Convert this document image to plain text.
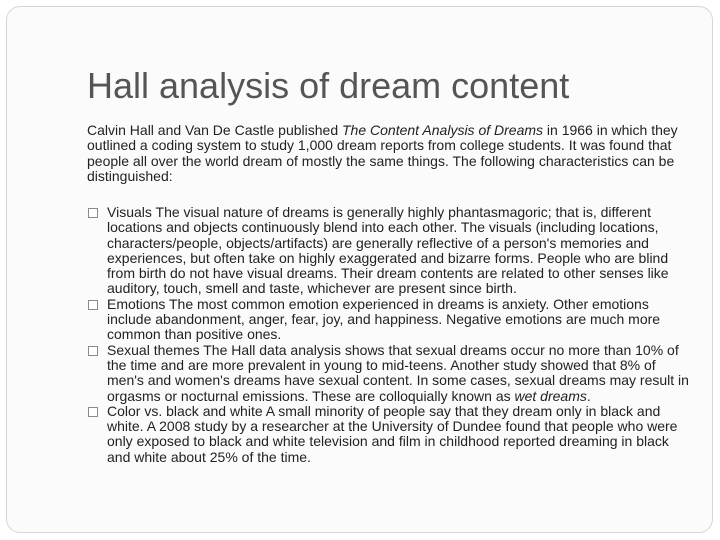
Hall analysis of dream content

Calvin Hall and Van De Castle published The Content Analysis of Dreams in 1966 in which they outlined a coding system to study 1,000 dream reports from college students. It was found that people all over the world dream of mostly the same things. The following characteristics can be distinguished:

Visuals The visual nature of dreams is generally highly phantasmagoric; that is, different locations and objects continuously blend into each other. The visuals (including locations, characters/people, objects/artifacts) are generally reflective of a person's memories and experiences, but often take on highly exaggerated and bizarre forms. People who are blind from birth do not have visual dreams. Their dream contents are related to other senses like auditory, touch, smell and taste, whichever are present since birth.
Emotions The most common emotion experienced in dreams is anxiety. Other emotions include abandonment, anger, fear, joy, and happiness. Negative emotions are much more common than positive ones.
Sexual themes The Hall data analysis shows that sexual dreams occur no more than 10% of the time and are more prevalent in young to mid-teens. Another study showed that 8% of men's and women's dreams have sexual content. In some cases, sexual dreams may result in orgasms or nocturnal emissions. These are colloquially known as wet dreams.
Color vs. black and white A small minority of people say that they dream only in black and white. A 2008 study by a researcher at the University of Dundee found that people who were only exposed to black and white television and film in childhood reported dreaming in black and white about 25% of the time.
